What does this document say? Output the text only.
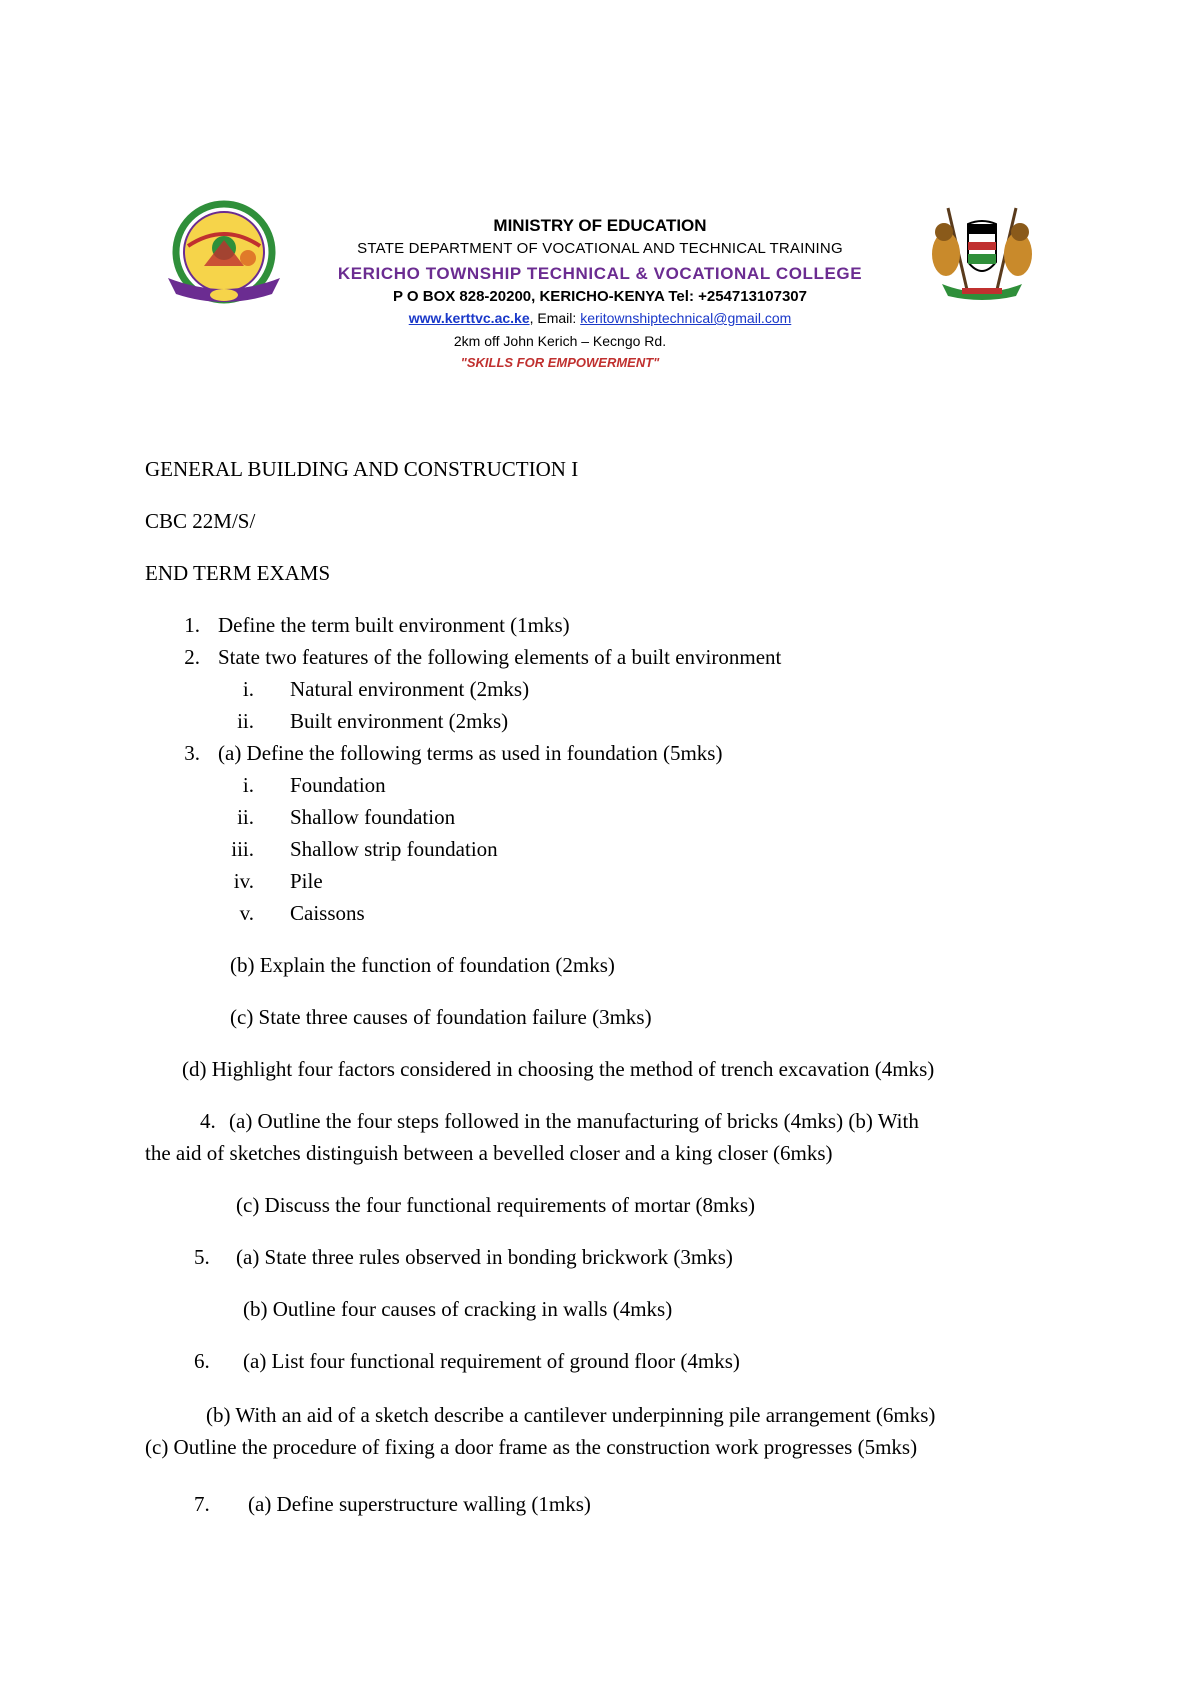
MINISTRY OF EDUCATION
STATE DEPARTMENT OF VOCATIONAL AND TECHNICAL TRAINING
KERICHO TOWNSHIP TECHNICAL & VOCATIONAL COLLEGE
P O BOX 828-20200, KERICHO-KENYA Tel: +254713107307
www.kerttvc.ac.ke, Email: keritownshiptechnical@gmail.com
2km off John Kerich – Kecngo Rd.
"SKILLS FOR EMPOWERMENT"
GENERAL BUILDING AND CONSTRUCTION I
CBC 22M/S/
END TERM EXAMS
1. Define the term built environment (1mks)
2. State two features of the following elements of a built environment
i. Natural environment (2mks)
ii. Built environment (2mks)
3. (a) Define the following terms as used in foundation (5mks)
i. Foundation
ii. Shallow foundation
iii. Shallow strip foundation
iv. Pile
v. Caissons
(b) Explain the function of foundation (2mks)
(c) State three causes of foundation failure (3mks)
(d) Highlight four factors considered in choosing the method of trench excavation (4mks)
4. (a) Outline the four steps followed in the manufacturing of bricks (4mks) (b) With
the aid of sketches distinguish between a bevelled closer and a king closer (6mks)
(c) Discuss the four functional requirements of mortar (8mks)
5. (a) State three rules observed in bonding brickwork (3mks)
(b) Outline four causes of cracking in walls (4mks)
6. (a) List four functional requirement of ground floor (4mks)
(b) With an aid of a sketch describe a cantilever underpinning pile arrangement (6mks)
(c) Outline the procedure of fixing a door frame as the construction work progresses (5mks)
7. (a) Define superstructure walling (1mks)
